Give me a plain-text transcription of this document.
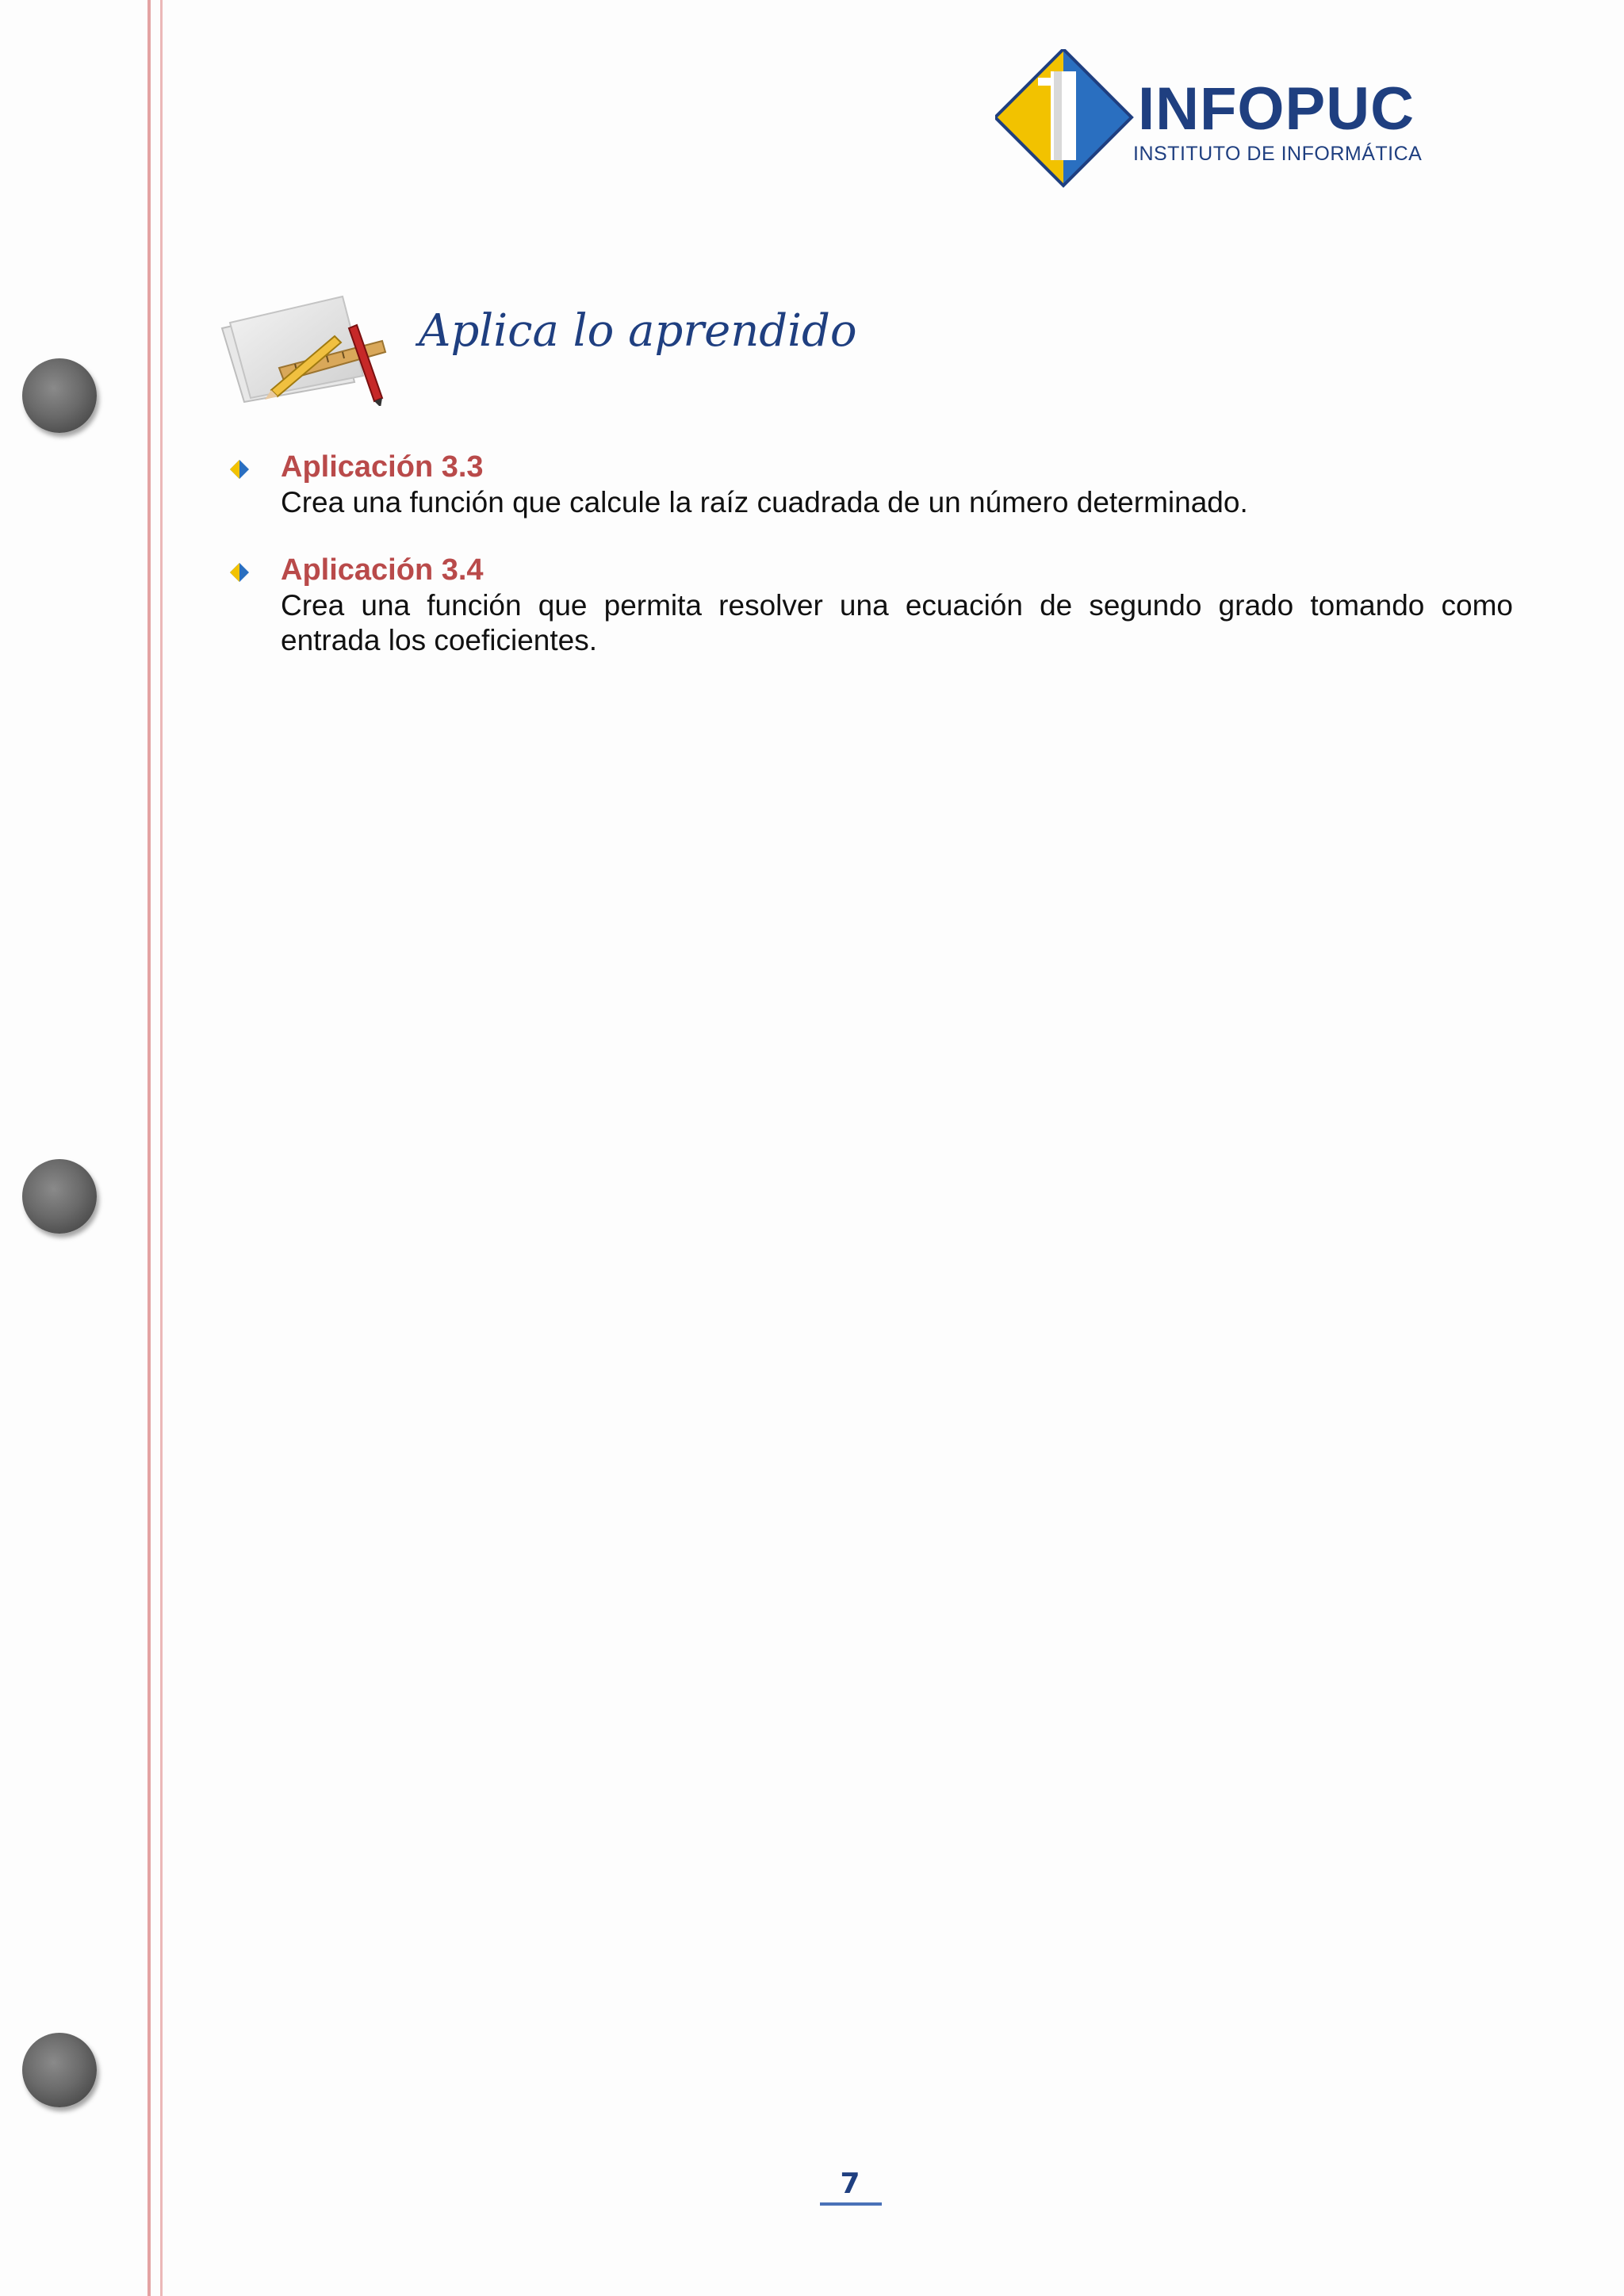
INFOPUC
INSTITUTO DE INFORMÁTICA
Aplica lo aprendido
Aplicación 3.3
Crea una función que calcule la raíz cuadrada de un número determinado.
Aplicación 3.4
Crea una función que permita resolver una ecuación de segundo grado tomando como entrada los coeficientes.
7
